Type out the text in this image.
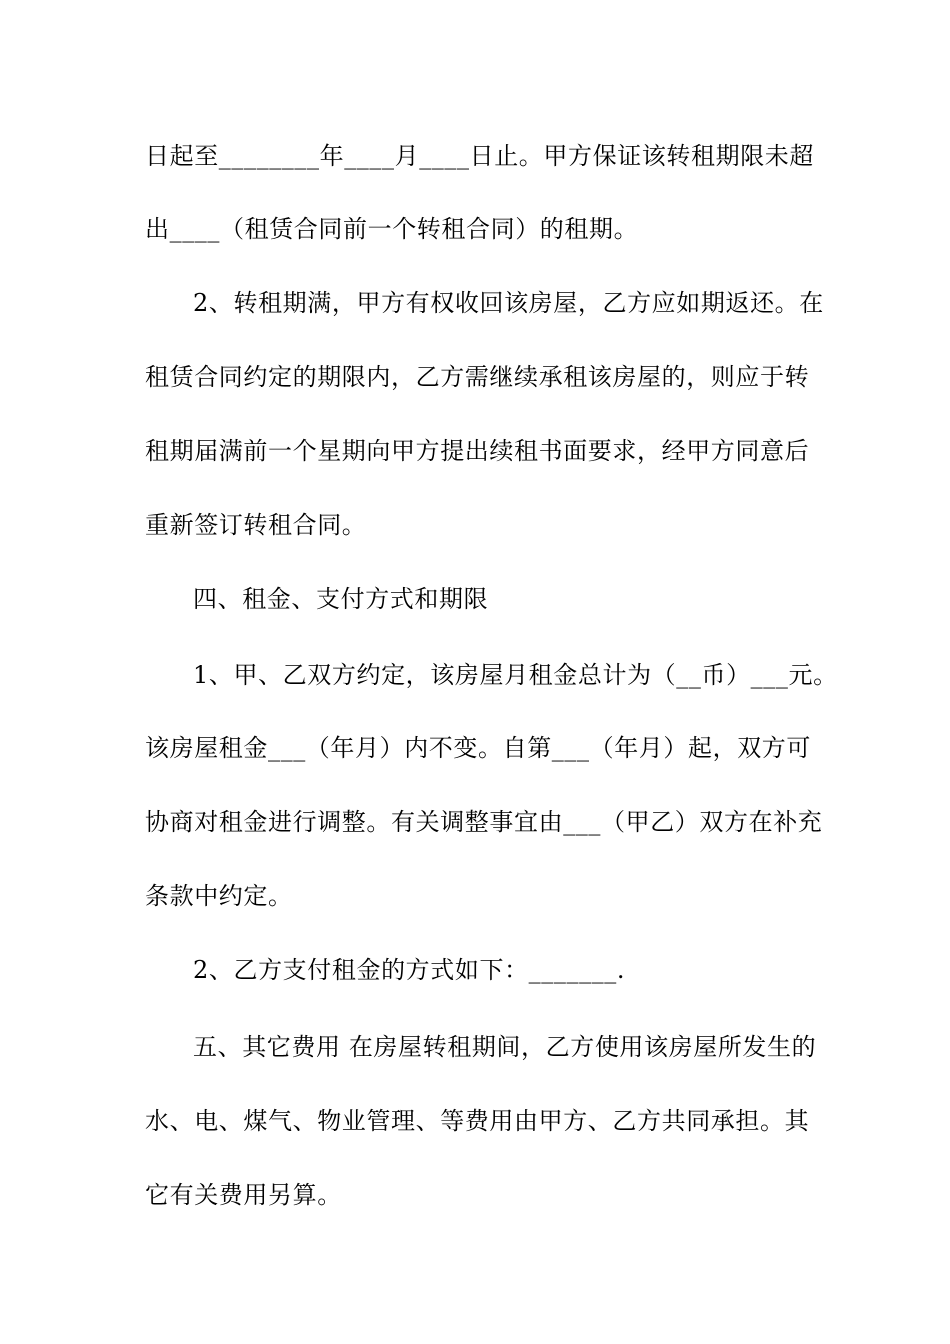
日起至________年____月____日止。甲方保证该转租期限未超
出____（租赁合同前一个转租合同）的租期。
2、转租期满，甲方有权收回该房屋，乙方应如期返还。在
租赁合同约定的期限内，乙方需继续承租该房屋的，则应于转
租期届满前一个星期向甲方提出续租书面要求，经甲方同意后
重新签订转租合同。
四、租金、支付方式和期限
1、甲、乙双方约定，该房屋月租金总计为（__币）___元。
该房屋租金___（年月）内不变。自第___（年月）起，双方可
协商对租金进行调整。有关调整事宜由___（甲乙）双方在补充
条款中约定。
2、乙方支付租金的方式如下：_______.
五、其它费用 在房屋转租期间，乙方使用该房屋所发生的
水、电、煤气、物业管理、等费用由甲方、乙方共同承担。其
它有关费用另算。
